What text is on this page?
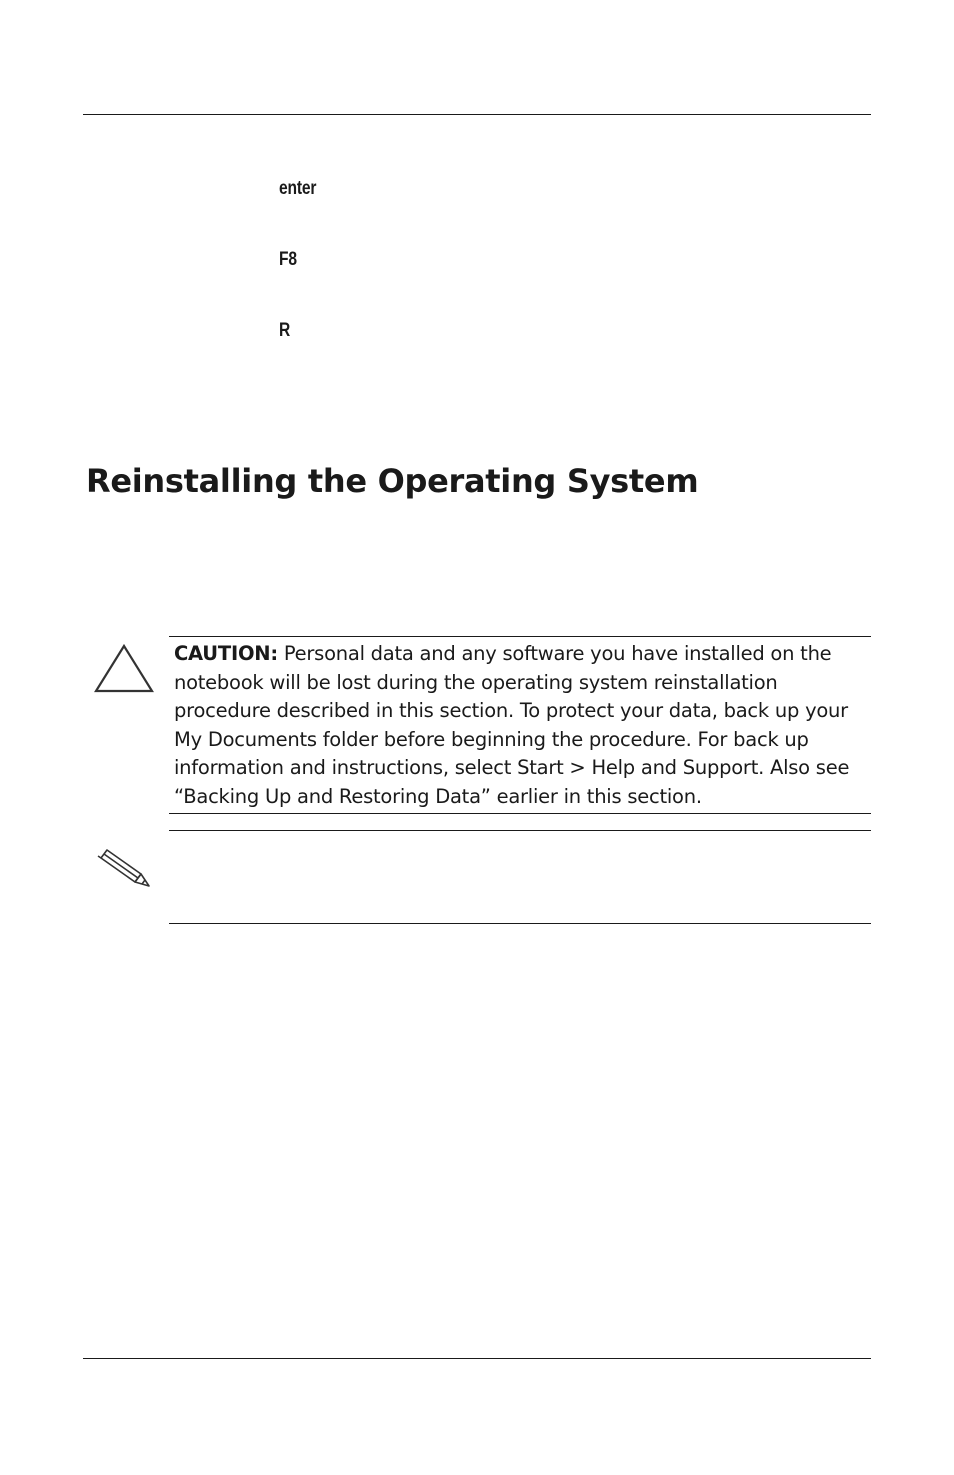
enter
F8
R
Reinstalling the Operating System

CAUTION: Personal data and any software you have installed on the notebook will be lost during the operating system reinstallation procedure described in this section. To protect your data, back up your My Documents folder before beginning the procedure. For back up information and instructions, select Start > Help and Support. Also see “Backing Up and Restoring Data” earlier in this section.
